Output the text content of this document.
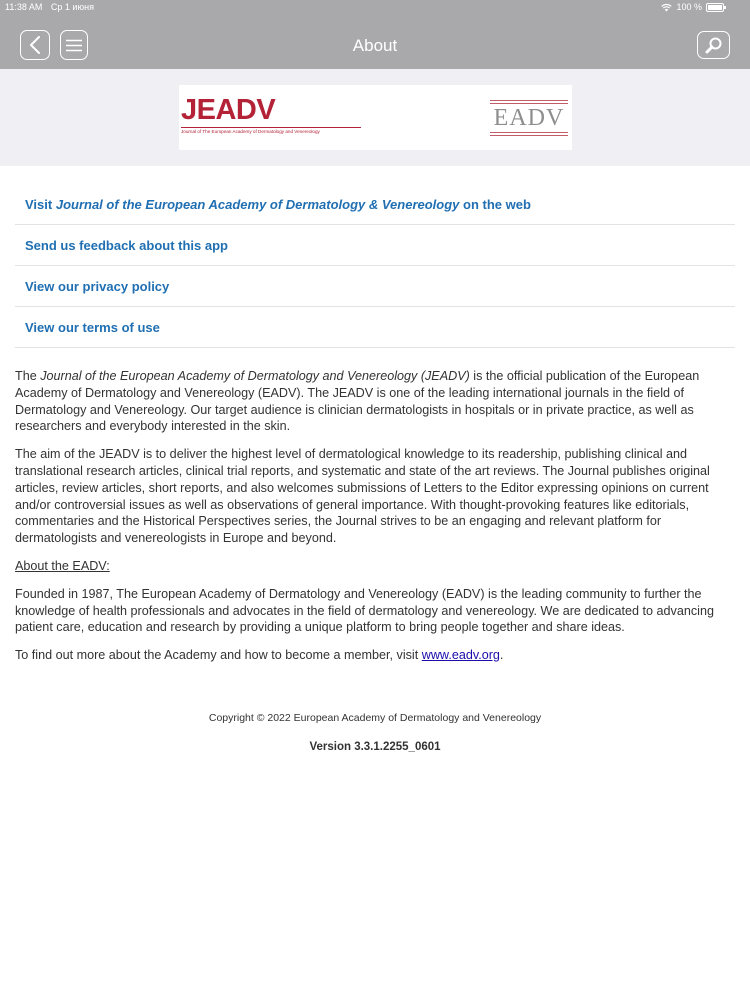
11:38 AM Ср 1 июня	100 %
About
JEADV
Journal of The European Academy of Dermatology and Venereology
EADV
Visit Journal of the European Academy of Dermatology & Venereology on the web
Send us feedback about this app
View our privacy policy
View our terms of use

The Journal of the European Academy of Dermatology and Venereology (JEADV) is the official publication of the European Academy of Dermatology and Venereology (EADV). The JEADV is one of the leading international journals in the field of Dermatology and Venereology. Our target audience is clinician dermatologists in hospitals or in private practice, as well as researchers and everybody interested in the skin.

The aim of the JEADV is to deliver the highest level of dermatological knowledge to its readership, publishing clinical and translational research articles, clinical trial reports, and systematic and state of the art reviews. The Journal publishes original articles, review articles, short reports, and also welcomes submissions of Letters to the Editor expressing opinions on current and/or controversial issues as well as observations of general importance. With thought-provoking features like editorials, commentaries and the Historical Perspectives series, the Journal strives to be an engaging and relevant platform for dermatologists and venereologists in Europe and beyond.

About the EADV:

Founded in 1987, The European Academy of Dermatology and Venereology (EADV) is the leading community to further the knowledge of health professionals and advocates in the field of dermatology and venereology. We are dedicated to advancing patient care, education and research by providing a unique platform to bring people together and share ideas.

To find out more about the Academy and how to become a member, visit www.eadv.org.

Copyright © 2022 European Academy of Dermatology and Venereology
Version 3.3.1.2255_0601
